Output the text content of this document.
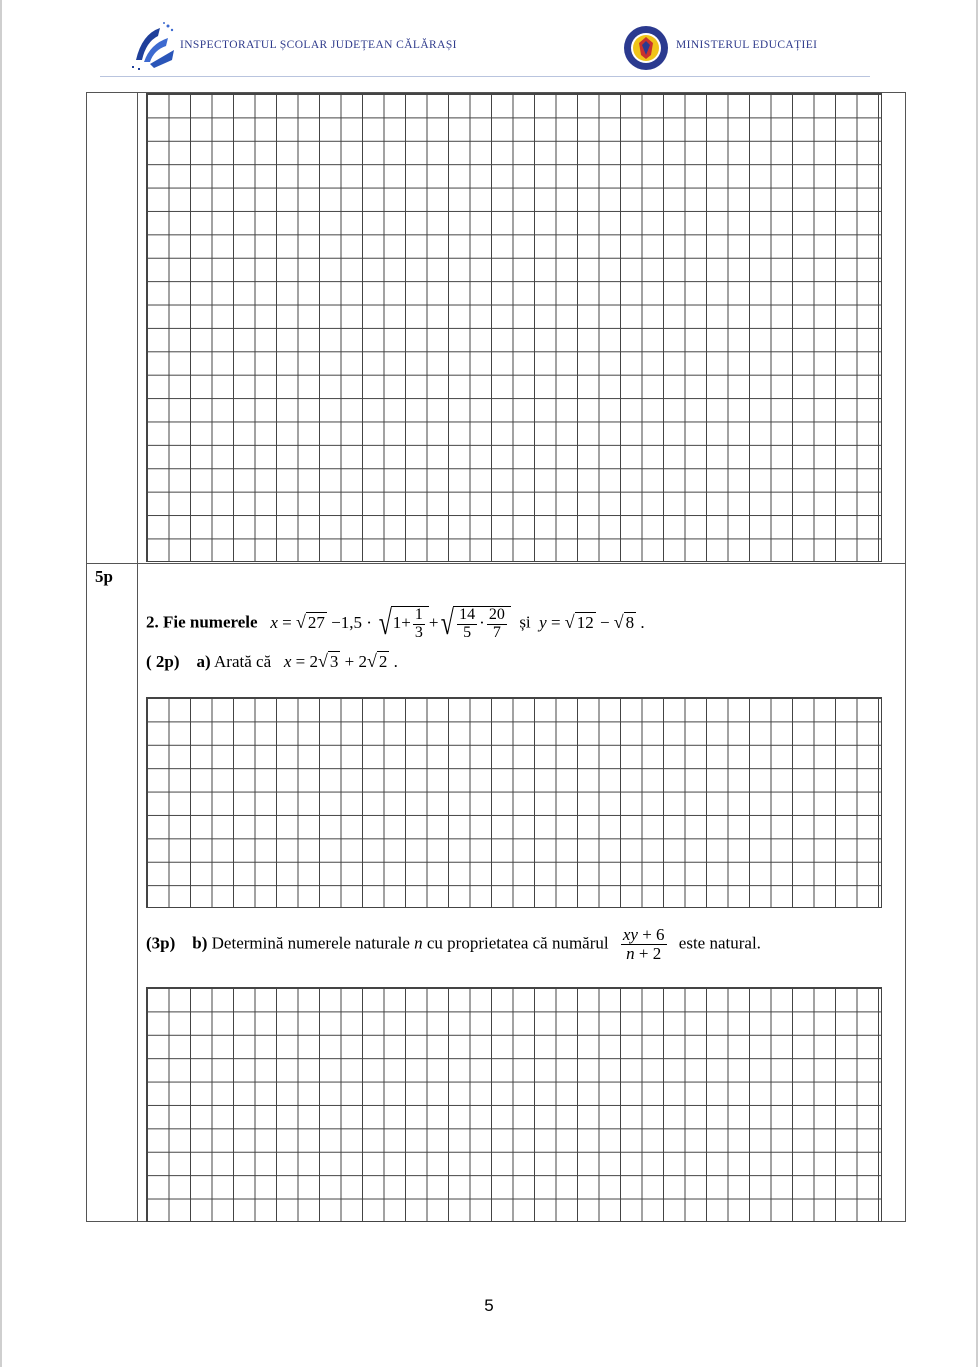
INSPECTORATUL ȘCOLAR JUDEȚEAN CĂLĂRAȘI	MINISTERUL EDUCAȚIEI
5p
2. Fie numerele x = √ $27 -1,5 \cdot √1+ \frac{1}{3}$ +√ $\frac{14}{5} \cdot \frac{20}{7}$ și y = √ 12 − √ 8 .
( 2p) a) Arată că x = 2√ 3 + 2√ 2 .
(3p) b) Determină numerele naturale n cu proprietatea că numărul $\frac{xy + 6}{n + 2}$ este natural.
5
